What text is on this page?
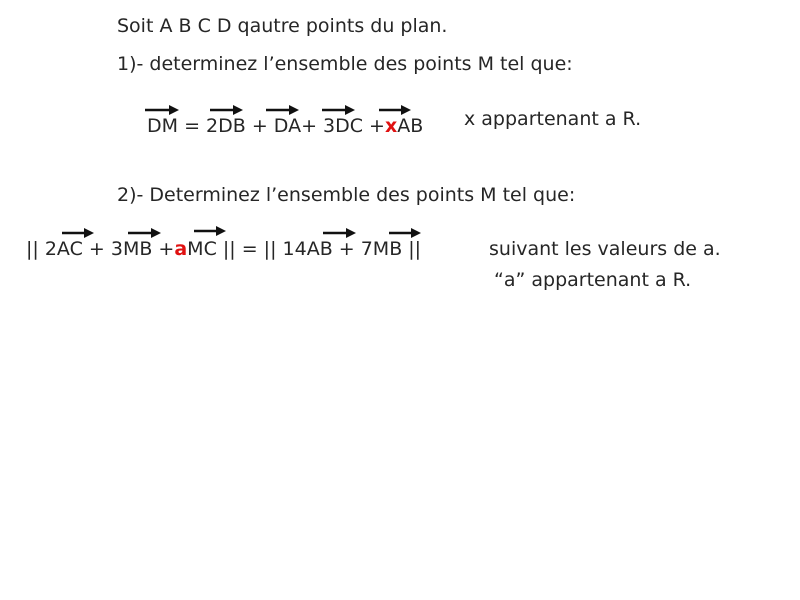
Soit A B C D qautre points du plan.
1)- determinez l’ensemble des points M tel que:
DM = 2DB + DA+ 3DC +xAB x appartenant a R.
2)- Determinez l’ensemble des points M tel que:
|| 2AC + 3MB +aMC || = || 14AB + 7MB ||	suivant les valeurs de a.
“a” appartenant a R.
